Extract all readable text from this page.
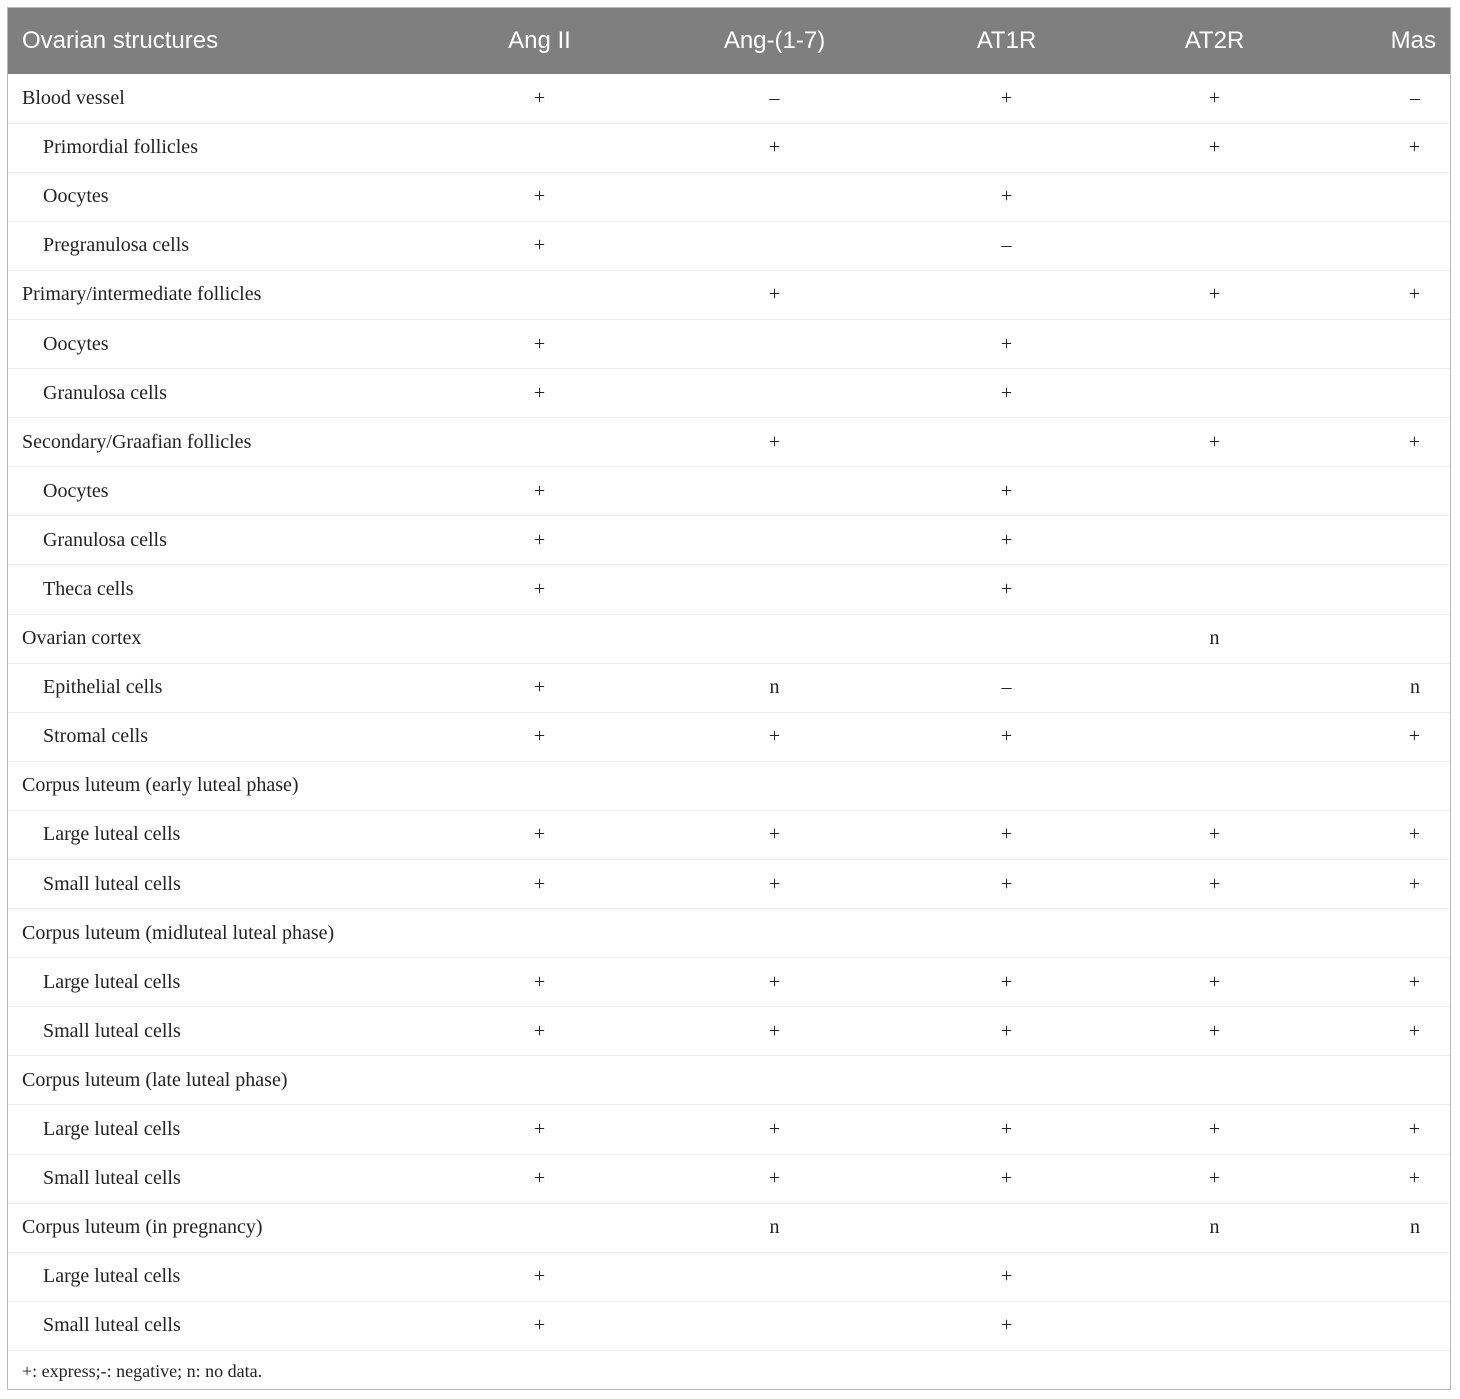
Ovarian structures	Ang II	Ang-(1-7)	AT1R	AT2R	Mas
Blood vessel	+	–	+	+	–
Primordial follicles		+		+	+
Oocytes	+		+		
Pregranulosa cells	+		–		
Primary/intermediate follicles		+		+	+
Oocytes	+		+		
Granulosa cells	+		+		
Secondary/Graafian follicles		+		+	+
Oocytes	+		+		
Granulosa cells	+		+		
Theca cells	+		+		
Ovarian cortex				n	
Epithelial cells	+	n	–		n
Stromal cells	+	+	+		+
Corpus luteum (early luteal phase)					
Large luteal cells	+	+	+	+	+
Small luteal cells	+	+	+	+	+
Corpus luteum (midluteal luteal phase)					
Large luteal cells	+	+	+	+	+
Small luteal cells	+	+	+	+	+
Corpus luteum (late luteal phase)					
Large luteal cells	+	+	+	+	+
Small luteal cells	+	+	+	+	+
Corpus luteum (in pregnancy)		n		n	n
Large luteal cells	+		+		
Small luteal cells	+		+		
+: express;-: negative; n: no data.
